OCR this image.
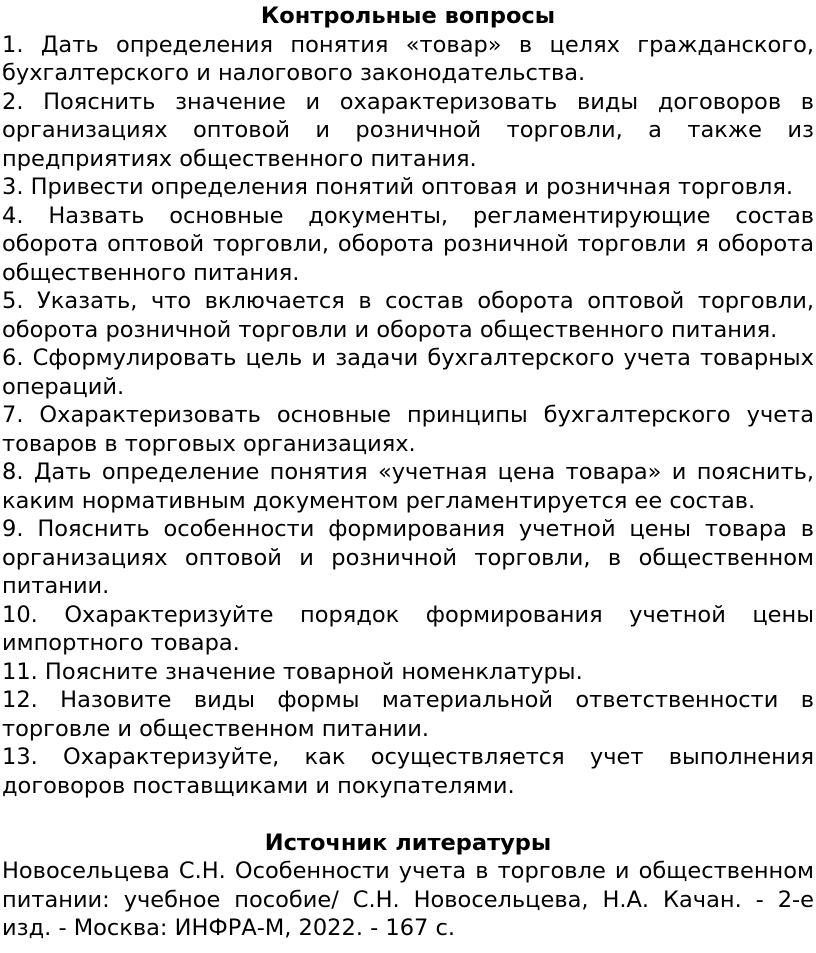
Контрольные вопросы

1. Дать определения понятия «товар» в целях гражданского, бухгалтерского и налогового законодательства.

2. Пояснить значение и охарактеризовать виды договоров в организациях оптовой и розничной торговли, а также из предприятиях общественного питания.

3. Привести определения понятий оптовая и розничная торговля.

4. Назвать основные документы, регламентирующие состав оборота оптовой торговли, оборота розничной торговли я оборота общественного питания.

5. Указать, что включается в состав оборота оптовой торговли, оборота розничной торговли и оборота общественного питания.

6. Сформулировать цель и задачи бухгалтерского учета товарных операций.

7. Охарактеризовать основные принципы бухгалтерского учета товаров в торговых организациях.

8. Дать определение понятия «учетная цена товара» и пояснить, каким нормативным документом регламентируется ее состав.

9. Пояснить особенности формирования учетной цены товара в организациях оптовой и розничной торговли, в общественном питании.

10. Охарактеризуйте порядок формирования учетной цены импортного товара.

11. Поясните значение товарной номенклатуры.

12. Назовите виды формы материальной ответственности в торговле и общественном питании.

13. Охарактеризуйте, как осуществляется учет выполнения договоров поставщиками и покупателями.

Источник литературы

Новосельцева С.Н. Особенности учета в торговле и общественном питании: учебное пособие/ С.Н. Новосельцева, Н.А. Качан. - 2-е изд. - Москва: ИНФРА-М, 2022. - 167 с.
